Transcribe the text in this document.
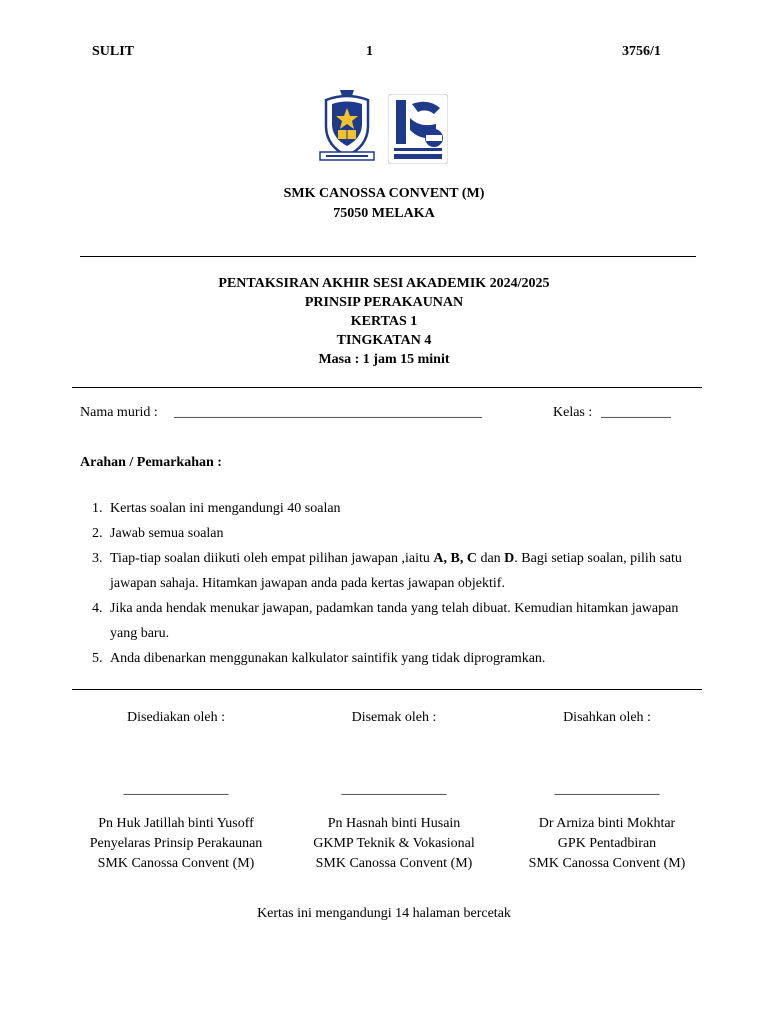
SULIT	1	3756/1
SMK CANOSSA CONVENT (M)
75050 MELAKA
PENTAKSIRAN AKHIR SESI AKADEMIK 2024/2025
PRINSIP PERAKAUNAN
KERTAS 1
TINGKATAN 4
Masa : 1 jam 15 minit
Nama murid : ____________________________________________	Kelas : __________
Arahan / Pemarkahan :
1. Kertas soalan ini mengandungi 40 soalan
2. Jawab semua soalan
3. Tiap-tiap soalan diikuti oleh empat pilihan jawapan ,iaitu A, B, C dan D. Bagi setiap soalan, pilih satu jawapan sahaja. Hitamkan jawapan anda pada kertas jawapan objektif.
4. Jika anda hendak menukar jawapan, padamkan tanda yang telah dibuat. Kemudian hitamkan jawapan yang baru.
5. Anda dibenarkan menggunakan kalkulator saintifik yang tidak diprogramkan.
Disediakan oleh :
_______________
Pn Huk Jatillah binti Yusoff
Penyelaras Prinsip Perakaunan
SMK Canossa Convent (M)
Disemak oleh :
_______________
Pn Hasnah binti Husain
GKMP Teknik & Vokasional
SMK Canossa Convent (M)
Disahkan oleh :
_______________
Dr Arniza binti Mokhtar
GPK Pentadbiran
SMK Canossa Convent (M)
Kertas ini mengandungi 14 halaman bercetak
